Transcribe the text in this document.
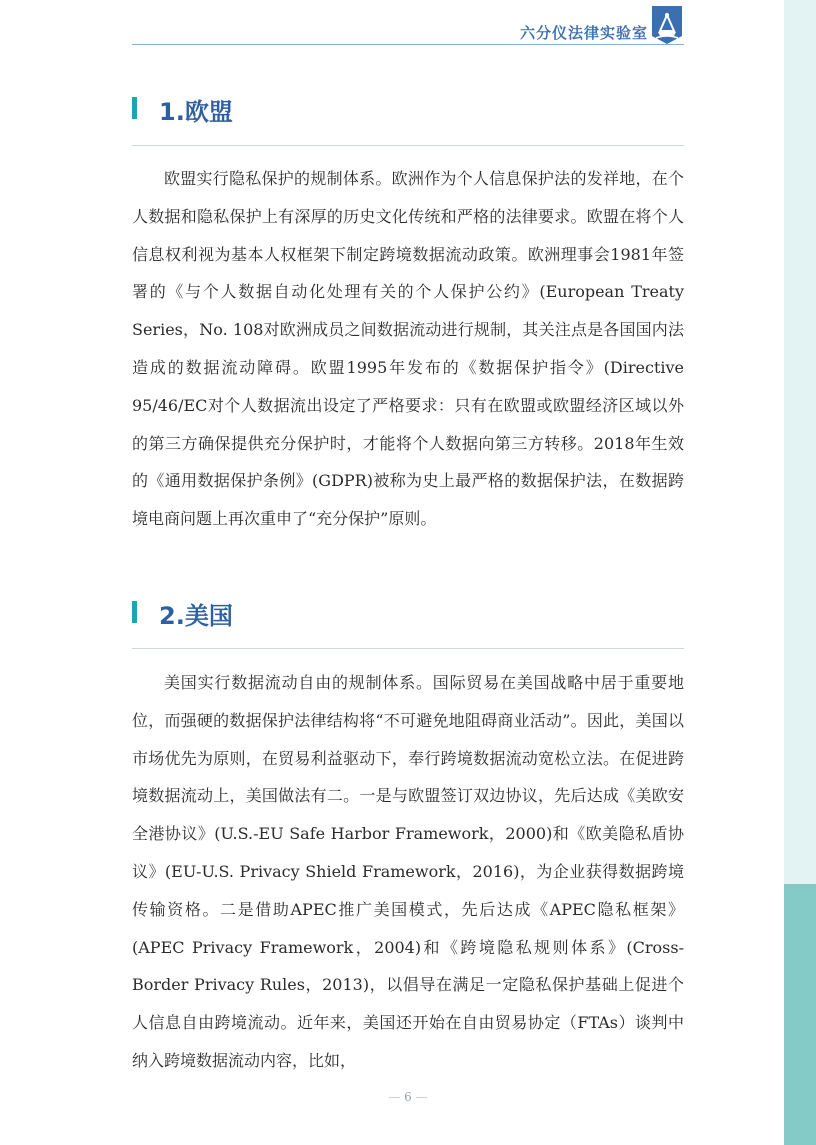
六分仪法律实验室
1.欧盟
欧盟实行隐私保护的规制体系。欧洲作为个人信息保护法的发祥地，在个人数据和隐私保护上有深厚的历史文化传统和严格的法律要求。欧盟在将个人信息权利视为基本人权框架下制定跨境数据流动政策。欧洲理事会1981年签署的《与个人数据自动化处理有关的个人保护公约》(European Treaty Series，No. 108对欧洲成员之间数据流动进行规制，其关注点是各国国内法造成的数据流动障碍。欧盟1995年发布的《数据保护指令》(Directive 95/46/EC对个人数据流出设定了严格要求：只有在欧盟或欧盟经济区域以外的第三方确保提供充分保护时，才能将个人数据向第三方转移。2018年生效的《通用数据保护条例》(GDPR)被称为史上最严格的数据保护法，在数据跨境电商问题上再次重申了“充分保护”原则。
2.美国
美国实行数据流动自由的规制体系。国际贸易在美国战略中居于重要地位，而强硬的数据保护法律结构将“不可避免地阻碍商业活动”。因此，美国以市场优先为原则，在贸易利益驱动下，奉行跨境数据流动宽松立法。在促进跨境数据流动上，美国做法有二。一是与欧盟签订双边协议，先后达成《美欧安全港协议》(U.S.-EU Safe Harbor Framework，2000)和《欧美隐私盾协议》(EU-U.S. Privacy Shield Framework，2016)，为企业获得数据跨境传输资格。二是借助APEC推广美国模式，先后达成《APEC隐私框架》(APEC Privacy Framework，2004)和《跨境隐私规则体系》(Cross-Border Privacy Rules，2013)，以倡导在满足一定隐私保护基础上促进个人信息自由跨境流动。近年来，美国还开始在自由贸易协定（FTAs）谈判中纳入跨境数据流动内容，比如，
— 6 —
